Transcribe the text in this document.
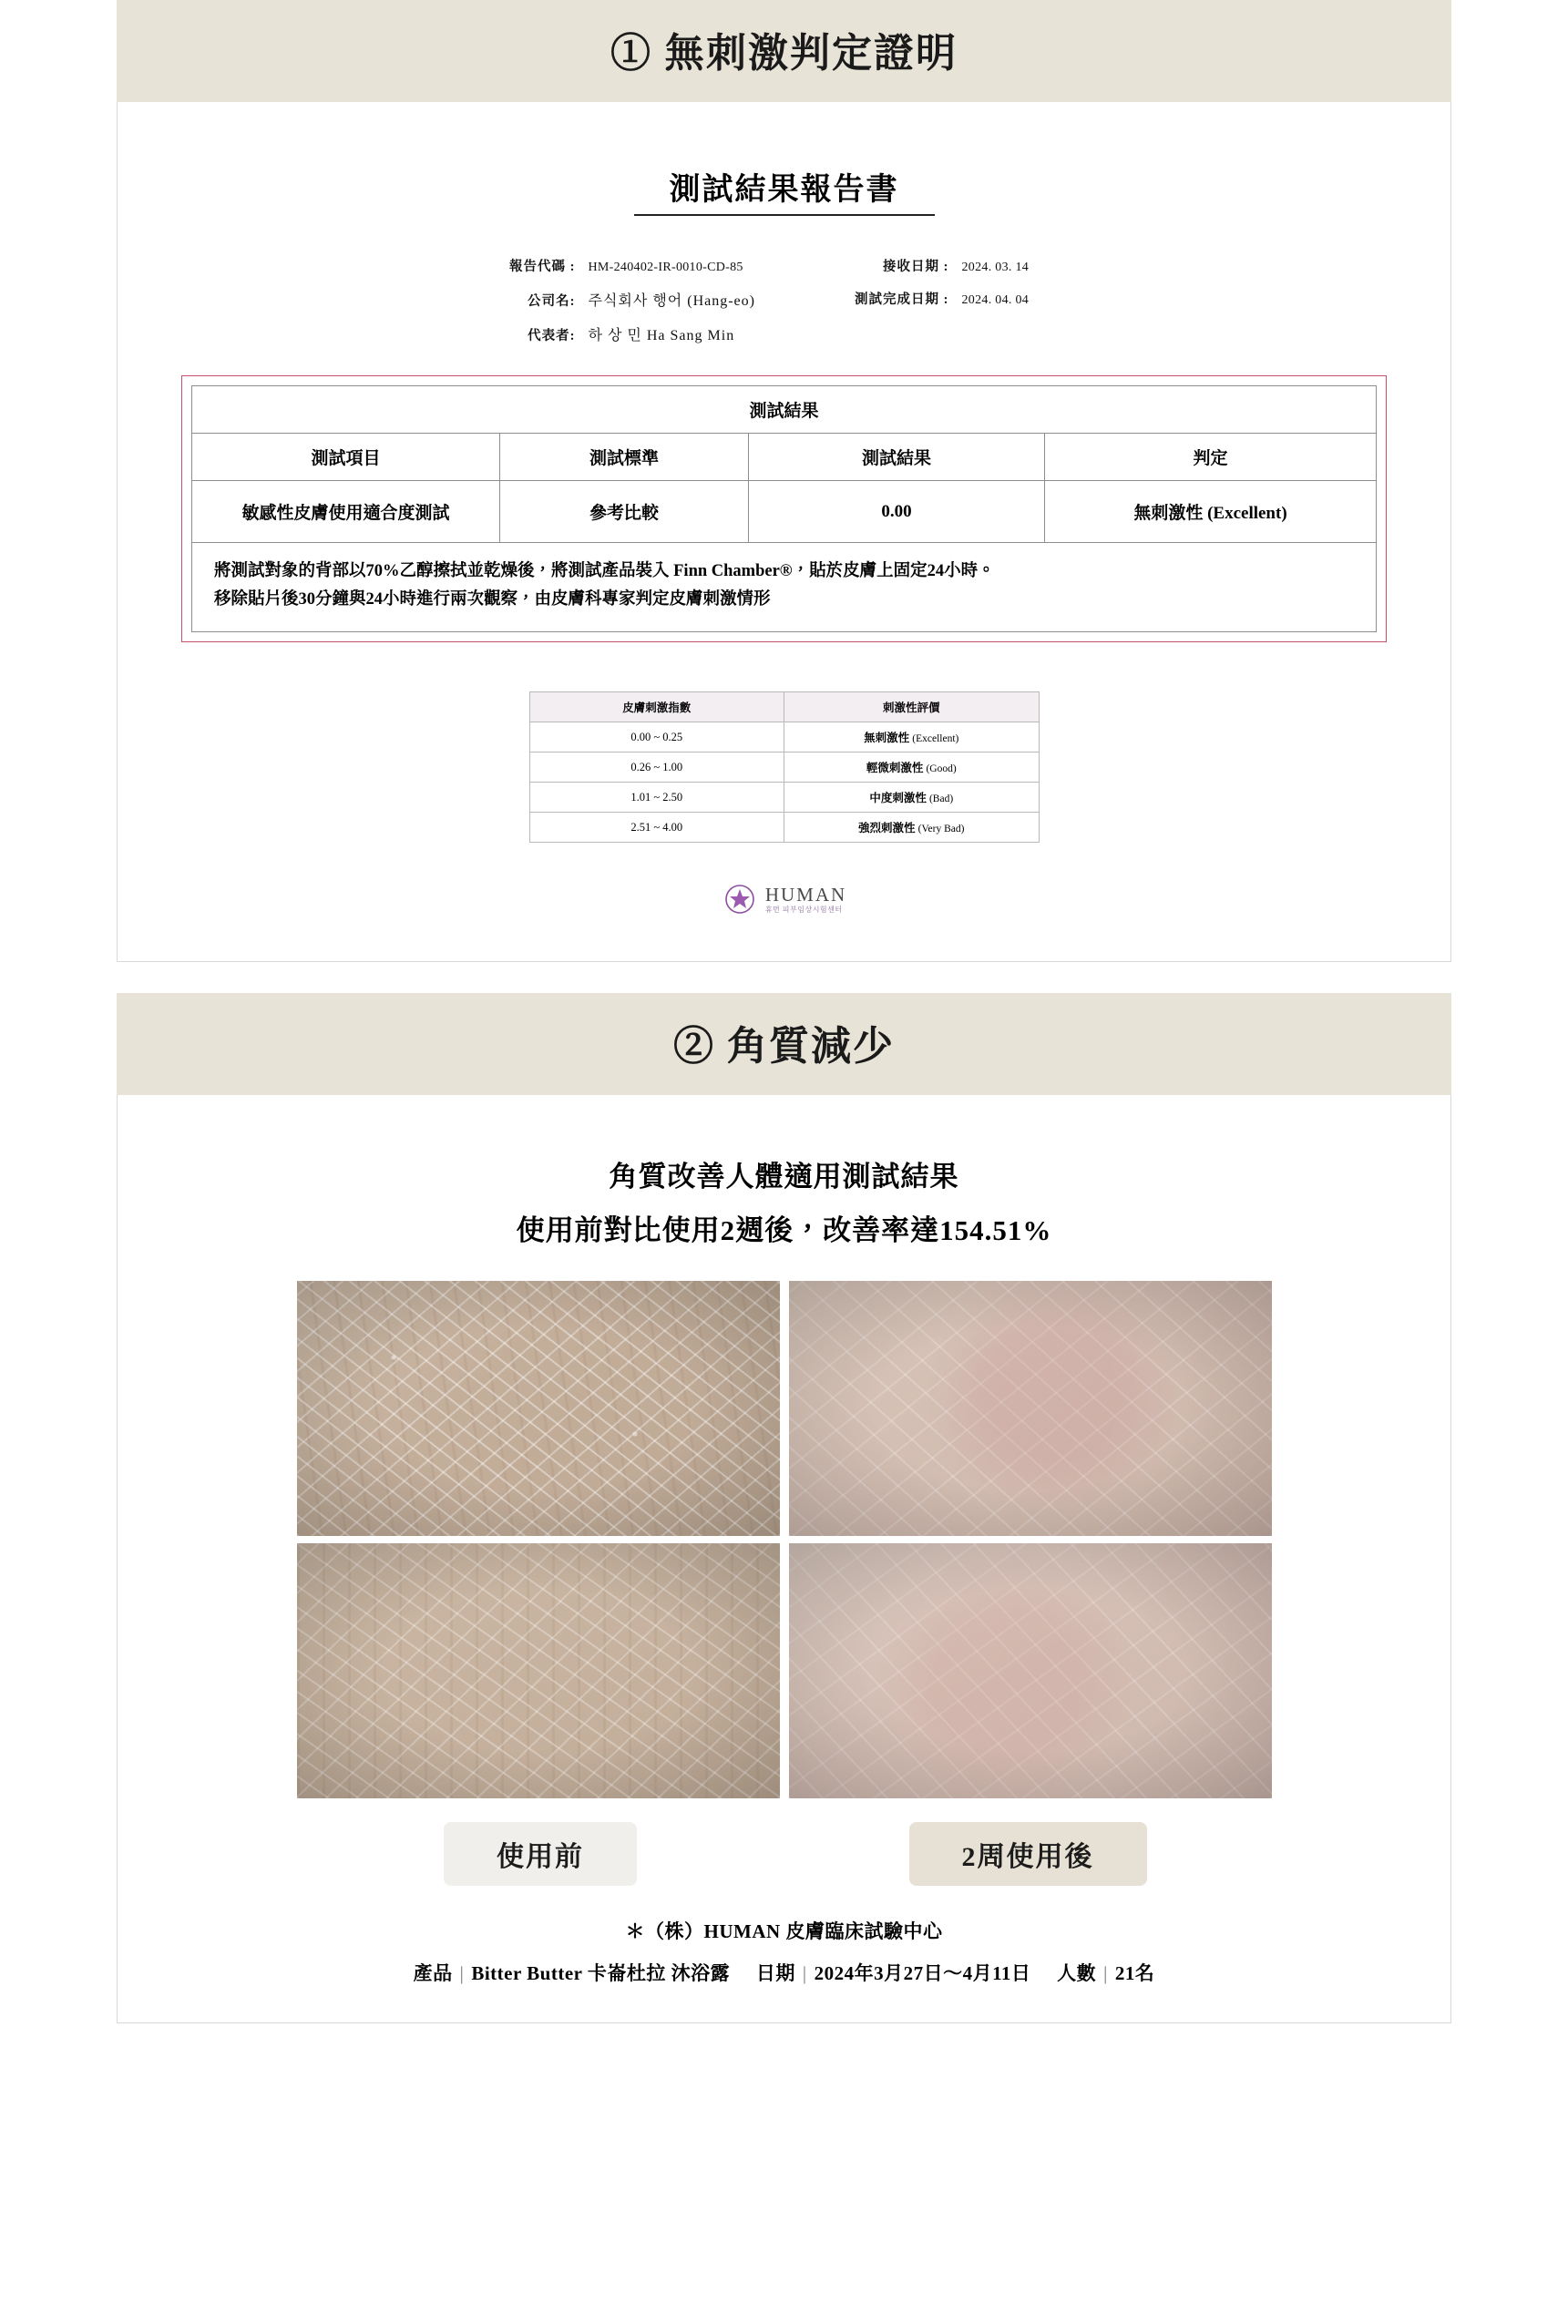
① 無刺激判定證明
測試結果報告書
報告代碼 :	HM-240402-IR-0010-CD-85
公司名: 주식회사 행어 (Hang-eo)
代表者: 하 상 민 Ha Sang Min
接收日期 :	2024. 03. 14
測試完成日期 :	2024. 04. 04
測試結果			
測試項目	測試標準	測試結果	判定
敏感性皮膚使用適合度測試	參考比較	0.00	無刺激性 (Excellent)
將測試對象的背部以70%乙醇擦拭並乾燥後，將測試產品裝入 Finn Chamber®，貼於皮膚上固定24小時。
移除貼片後30分鐘與24小時進行兩次觀察，由皮膚科專家判定皮膚刺激情形
皮膚刺激指數	刺激性評價
0.00 ~ 0.25	無刺激性 (Excellent)
0.26 ~ 1.00	輕微刺激性 (Good)
1.01 ~ 2.50	中度刺激性 (Bad)
2.51 ~ 4.00	強烈刺激性 (Very Bad)
HUMAN
휴먼 피부임상시험센터
② 角質減少
角質改善人體適用測試結果
使用前對比使用2週後，改善率達154.51%
使用前	2周使用後
＊（株）HUMAN 皮膚臨床試驗中心
產品 | Bitter Butter 卡崙杜拉 沐浴露 日期 | 2024年3月27日～4月11日 人數 | 21名
